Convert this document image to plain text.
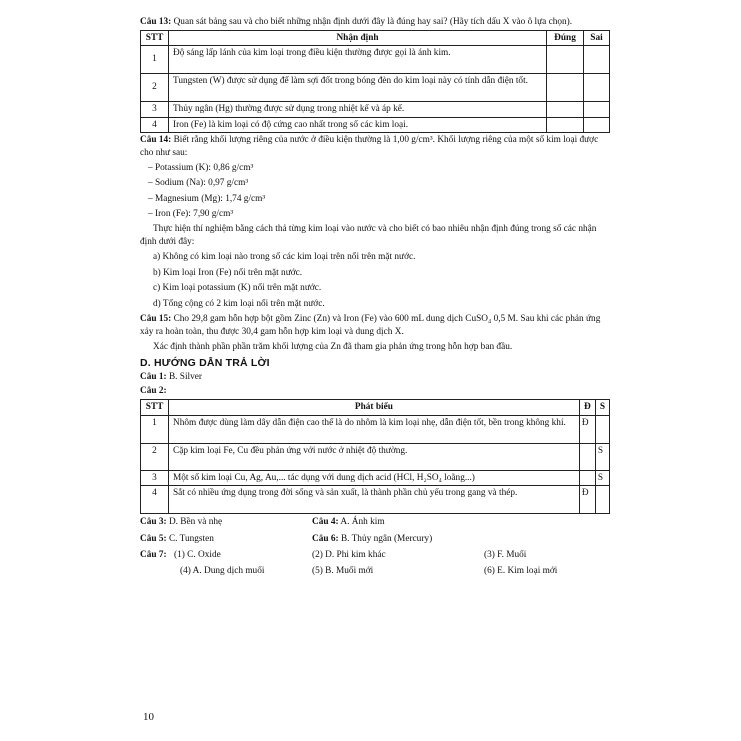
Câu 13: Quan sát bảng sau và cho biết những nhận định dưới đây là đúng hay sai? (Hãy tích dấu X vào ô lựa chọn).

STT	Nhận định	Đúng	Sai
1	Độ sáng lấp lánh của kim loại trong điều kiện thường được gọi là ánh kim.		
2	Tungsten (W) được sử dụng để làm sợi đốt trong bóng đèn do kim loại này có tính dẫn điện tốt.		
3	Thủy ngân (Hg) thường được sử dụng trong nhiệt kế và áp kế.		
4	Iron (Fe) là kim loại có độ cứng cao nhất trong số các kim loại.		

Câu 14: Biết rằng khối lượng riêng của nước ở điều kiện thường là 1,00 g/cm³. Khối lượng riêng của một số kim loại được cho như sau:

– Potassium (K): 0,86 g/cm³

– Sodium (Na): 0,97 g/cm³

– Magnesium (Mg): 1,74 g/cm³

– Iron (Fe): 7,90 g/cm³

Thực hiện thí nghiệm bằng cách thả từng kim loại vào nước và cho biết có bao nhiêu nhận định đúng trong số các nhận định dưới đây:

a) Không có kim loại nào trong số các kim loại trên nổi trên mặt nước.

b) Kim loại Iron (Fe) nổi trên mặt nước.

c) Kim loại potassium (K) nổi trên mặt nước.

d) Tổng cộng có 2 kim loại nổi trên mặt nước.

Câu 15: Cho 29,8 gam hỗn hợp bột gồm Zinc (Zn) và Iron (Fe) vào 600 mL dung dịch CuSO₄ 0,5 M. Sau khi các phản ứng xảy ra hoàn toàn, thu được 30,4 gam hỗn hợp kim loại và dung dịch X.

Xác định thành phần phần trăm khối lượng của Zn đã tham gia phản ứng trong hỗn hợp ban đầu.

D. HƯỚNG DẪN TRẢ LỜI

Câu 1: B. Silver

Câu 2:

STT	Phát biểu	Đ	S
1	Nhôm được dùng làm dây dẫn điện cao thế là do nhôm là kim loại nhẹ, dẫn điện tốt, bền trong không khí.	Đ	
2	Cặp kim loại Fe, Cu đều phản ứng với nước ở nhiệt độ thường.		S
3	Một số kim loại Cu, Ag, Au,... tác dụng với dung dịch acid (HCl, H₂SO₄ loãng...)		S
4	Sắt có nhiều ứng dụng trong đời sống và sản xuất, là thành phần chủ yếu trong gang và thép.	Đ	
Câu 3: D. Bền và nhẹ	Câu 4: A. Ánh kim
Câu 5: C. Tungsten	Câu 6: B. Thủy ngân (Mercury)
Câu 7: (1) C. Oxide	(2) D. Phi kim khác	(3) F. Muối
(4) A. Dung dịch muối	(5) B. Muối mới	(6) E. Kim loại mới
10
